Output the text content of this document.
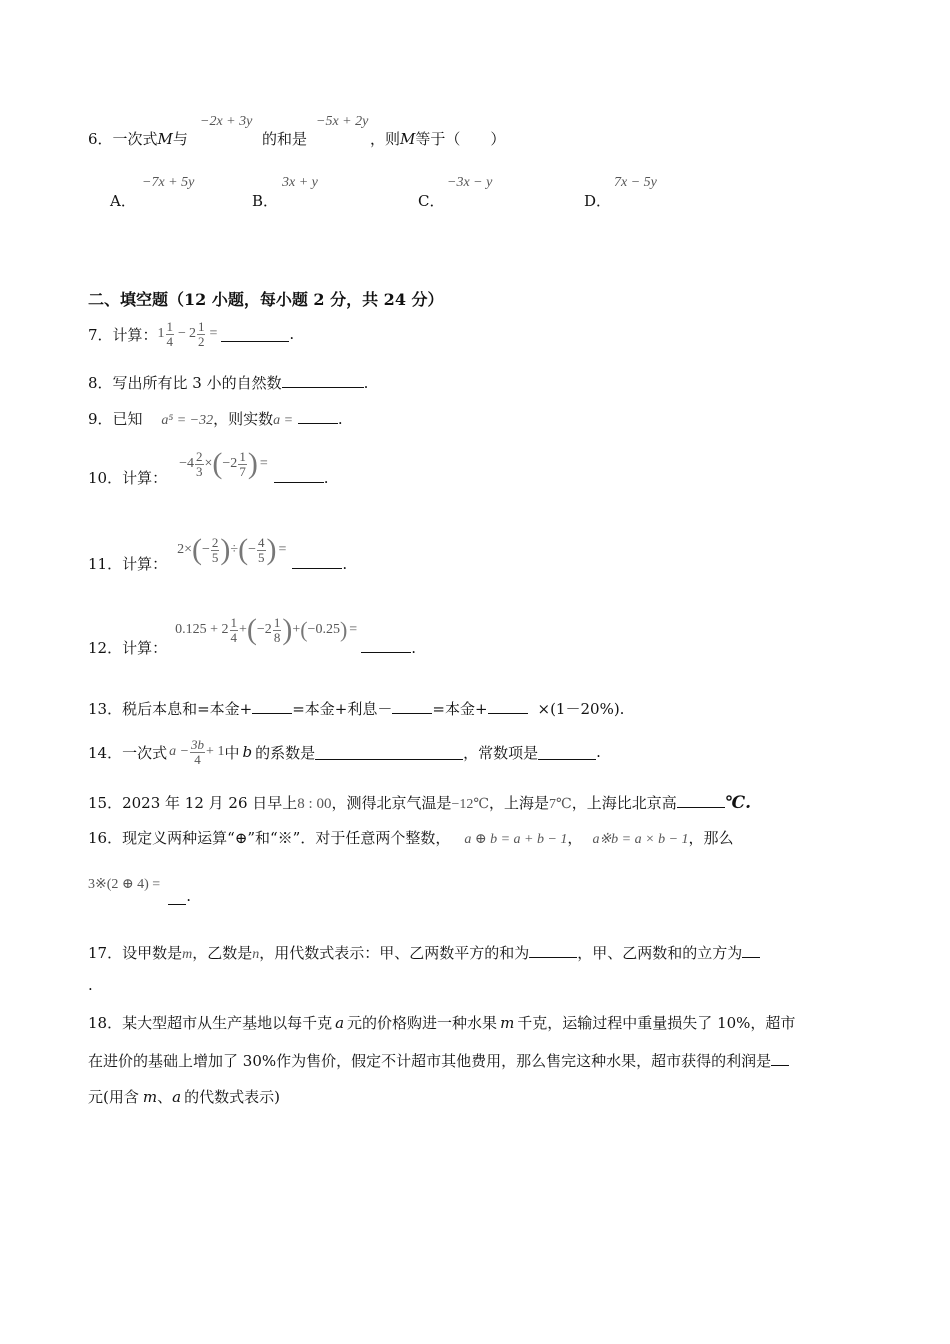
6．一次式M与
−2x + 3y
的和是
−5x + 2y
，则M等于（　　）
A．
−7x + 5y
B．
3x + y
C．
−3x − y
D．
7x − 5y
二、填空题（12 小题，每小题 2 分，共 24 分）
7．计算： $1 \frac{1}{4} - 2 \frac{1}{2}$ =	.
8．写出所有比 3 小的自然数	.
9．已知 a⁵ = −32，则实数a =	.
10．计算：
$-4 \frac{2}{3}$ × ( $-2 \frac{1}{7}$ ) =
.
11．计算：
2× ( − $\frac{2}{5}$ ) ÷ ( − $\frac{4}{5}$ ) =
.
12．计算：
$0.125 + 2 \frac{1}{4}$ + ( $-2 \frac{1}{8}$ ) + ( −0.25 ) =
.
13．税后本息和=本金+	=本金+利息－	=本金+	×(1－20%).
14．一次式 $a - \frac{3b}{4} + 1$ 中 b 的系数是	，常数项是	.
15．2023 年 12 月 26 日早上8 : 00，测得北京气温是−12℃，上海是7℃，上海比北京高	℃.
16．现定义两种运算“⊕”和“※”．对于任意两个整数， a ⊕ b = a + b − 1， a※b = a × b − 1，那么
3※(2 ⊕ 4) =
.
17．设甲数是m，乙数是n，用代数式表示：甲、乙两数平方的和为	，甲、乙两数和的立方为
.
18．某大型超市从生产基地以每千克 a 元的价格购进一种水果 m 千克，运输过程中重量损失了 10%，超市
在进价的基础上增加了 30%作为售价，假定不计超市其他费用，那么售完这种水果，超市获得的利润是
元(用含 m、a 的代数式表示)
